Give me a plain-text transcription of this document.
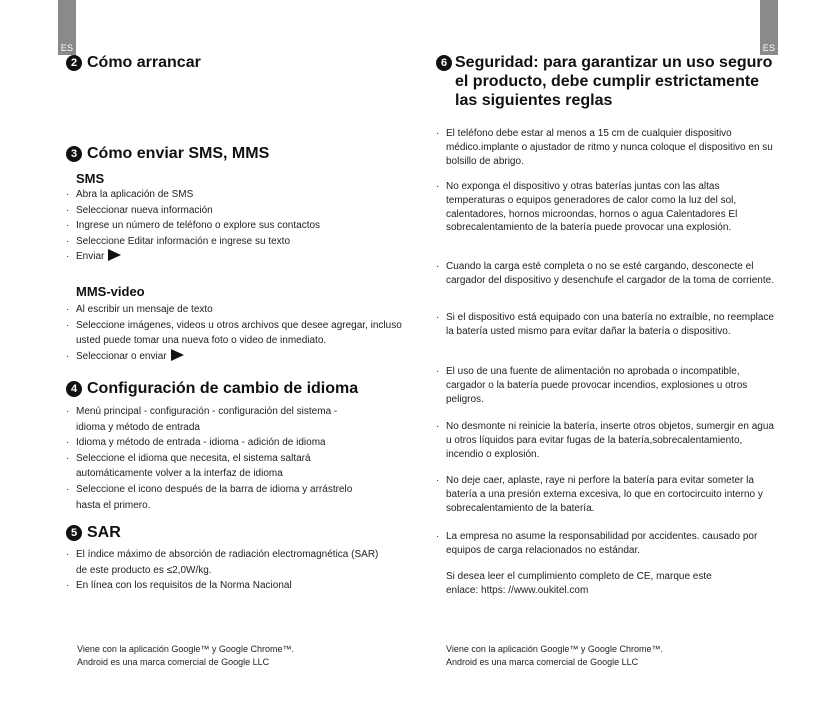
ES
2 Cómo arrancar
3 Cómo enviar SMS, MMS
SMS
· Abra la aplicación de SMS
· Seleccionar nueva información
· Ingrese un número de teléfono o explore sus contactos
· Seleccione Editar información e ingrese su texto
· Enviar
MMS-video
· Al escribir un mensaje de texto
· Seleccione imágenes, videos u otros archivos que desee agregar, incluso usted puede tomar una nueva foto o video de inmediato.
· Seleccionar o enviar
4 Configuración de cambio de idioma
· Menú principal - configuración - configuración del sistema - idioma y método de entrada
· Idioma y método de entrada - idioma - adición de idioma
· Seleccione el idioma que necesita, el sistema saltará automáticamente volver a la interfaz de idioma
· Seleccione el icono después de la barra de idioma y arrástrelo hasta el primero.
5 SAR
· El índice máximo de absorción de radiación electromagnética (SAR) de este producto es ≤2,0W/kg.
· En línea con los requisitos de la Norma Nacional
Viene con la aplicación Google™ y Google Chrome™.
Android es una marca comercial de Google LLC
ES
6 Seguridad: para garantizar un uso seguro el producto, debe cumplir estrictamente las siguientes reglas
· El teléfono debe estar al menos a 15 cm de cualquier dispositivo médico.implante o ajustador de ritmo y nunca coloque el dispositivo en su bolsillo de abrigo.
· No exponga el dispositivo y otras baterías juntas con las altas temperaturas o equipos generadores de calor como la luz del sol, calentadores, hornos microondas, hornos o agua Calentadores El sobrecalentamiento de la batería puede provocar una explosión.
· Cuando la carga esté completa o no se esté cargando, desconecte el cargador del dispositivo y desenchufe el cargador de la toma de corriente.
· Si el dispositivo está equipado con una batería no extraíble, no reemplace la batería usted mismo para evitar dañar la batería o dispositivo.
· El uso de una fuente de alimentación no aprobada o incompatible, cargador o la batería puede provocar incendios, explosiones u otros peligros.
· No desmonte ni reinicie la batería, inserte otros objetos, sumergir en agua u otros líquidos para evitar fugas de la batería,sobrecalentamiento, incendio o explosión.
· No deje caer, aplaste, raye ni perfore la batería para evitar someter la batería a una presión externa excesiva, lo que en cortocircuito interno y sobrecalentamiento de la batería.
· La empresa no asume la responsabilidad por accidentes. causado por equipos de carga relacionados no estándar.
Si desea leer el cumplimiento completo de CE, marque este enlace: https: //www.oukitel.com
Viene con la aplicación Google™ y Google Chrome™.
Android es una marca comercial de Google LLC
